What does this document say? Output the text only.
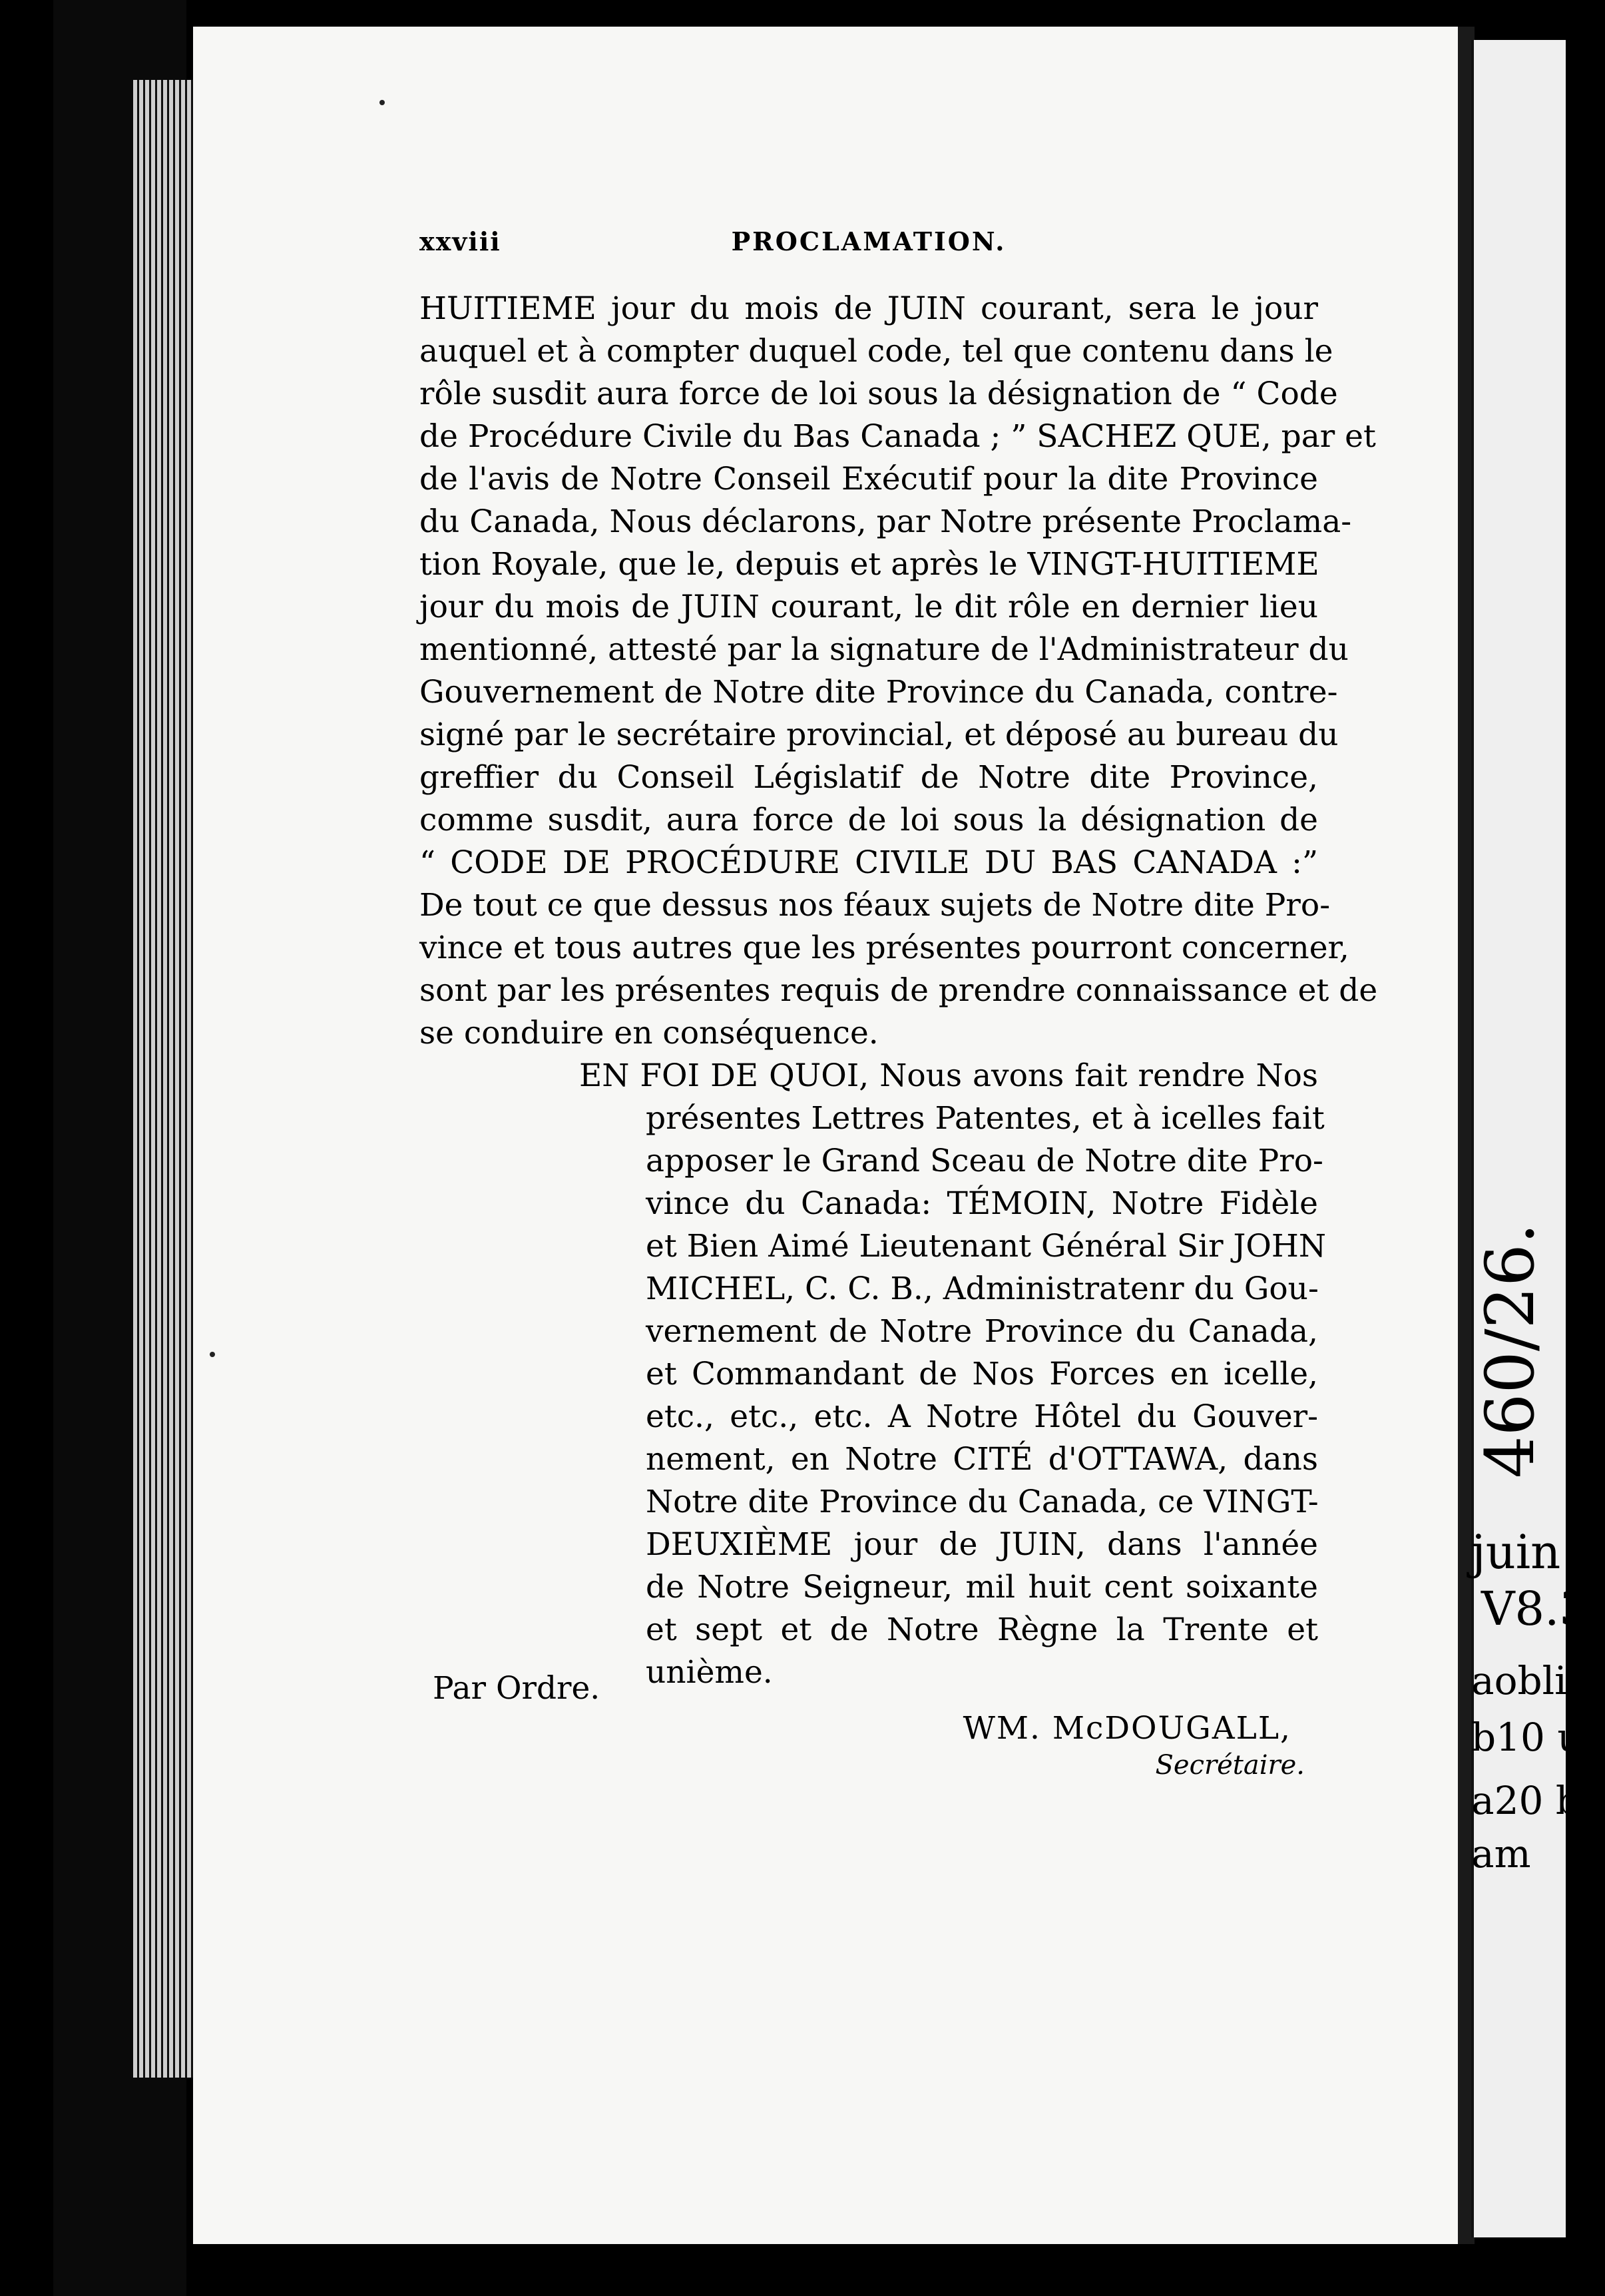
xxviii	PROCLAMATION.
HUITIEME jour du mois de JUIN courant, sera le jour
auquel et à compter duquel code, tel que contenu dans le
rôle susdit aura force de loi sous la désignation de “ Code
de Procédure Civile du Bas Canada ; ” SACHEZ QUE, par et
de l'avis de Notre Conseil Exécutif pour la dite Province
du Canada, Nous déclarons, par Notre présente Proclama-
tion Royale, que le, depuis et après le VINGT-HUITIEME
jour du mois de JUIN courant, le dit rôle en dernier lieu
mentionné, attesté par la signature de l'Administrateur du
Gouvernement de Notre dite Province du Canada, contre-
signé par le secrétaire provincial, et déposé au bureau du
greffier du Conseil Législatif de Notre dite Province,
comme susdit, aura force de loi sous la désignation de
“ CODE DE PROCÉDURE CIVILE DU BAS CANADA :”
De tout ce que dessus nos féaux sujets de Notre dite Pro-
vince et tous autres que les présentes pourront concerner,
sont par les présentes requis de prendre connaissance et de
se conduire en conséquence.
EN FOI DE QUOI, Nous avons fait rendre Nos
présentes Lettres Patentes, et à icelles fait
apposer le Grand Sceau de Notre dite Pro-
vince du Canada: TÉMOIN, Notre Fidèle
et Bien Aimé Lieutenant Général Sir JOHN
MICHEL, C. C. B., Administratenr du Gou-
vernement de Notre Province du Canada,
et Commandant de Nos Forces en icelle,
etc., etc., etc. A Notre Hôtel du Gouver-
nement, en Notre CITÉ d'OTTAWA, dans
Notre dite Province du Canada, ce VINGT-
DEUXIÈME jour de JUIN, dans l'année
de Notre Seigneur, mil huit cent soixante
et sept et de Notre Règne la Trente et
unième.
Par Ordre.
WM. McDOUGALL,
Secrétaire.
460/26.
juin
V8.3
aobli
b10 ul
a20 bu
am
